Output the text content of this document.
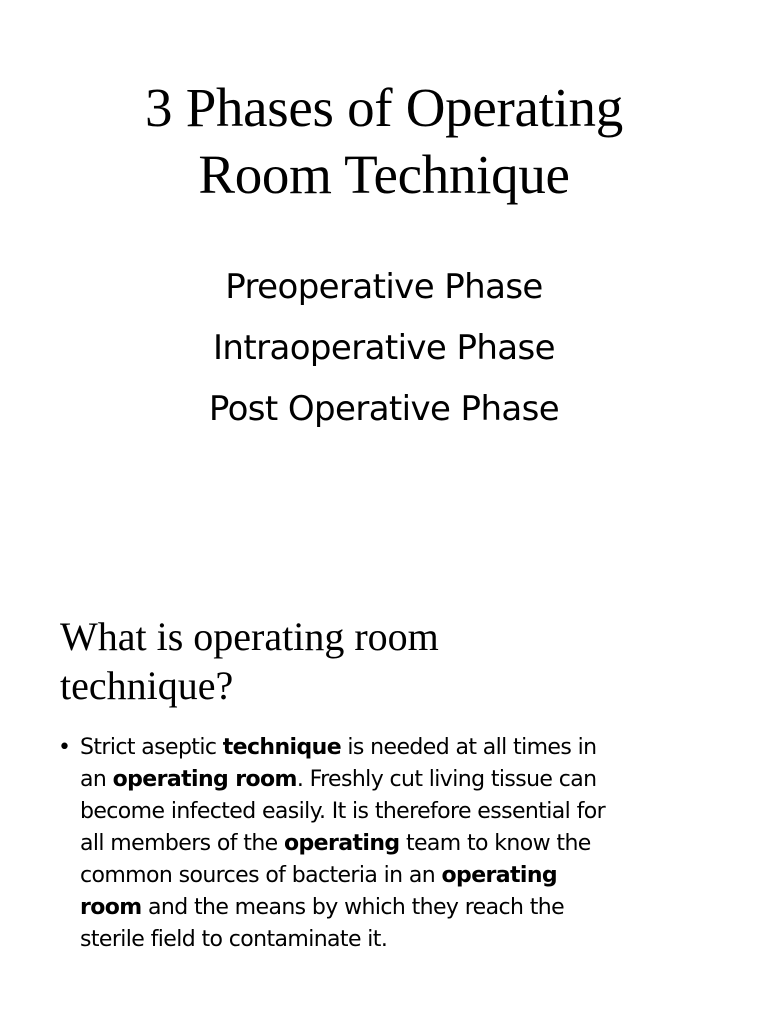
3 Phases of Operating
Room Technique
Preoperative Phase
Intraoperative Phase
Post Operative Phase
What is operating room
technique?
• Strict aseptic technique is needed at all times in
an operating room. Freshly cut living tissue can
become infected easily. It is therefore essential for
all members of the operating team to know the
common sources of bacteria in an operating
room and the means by which they reach the
sterile field to contaminate it.
